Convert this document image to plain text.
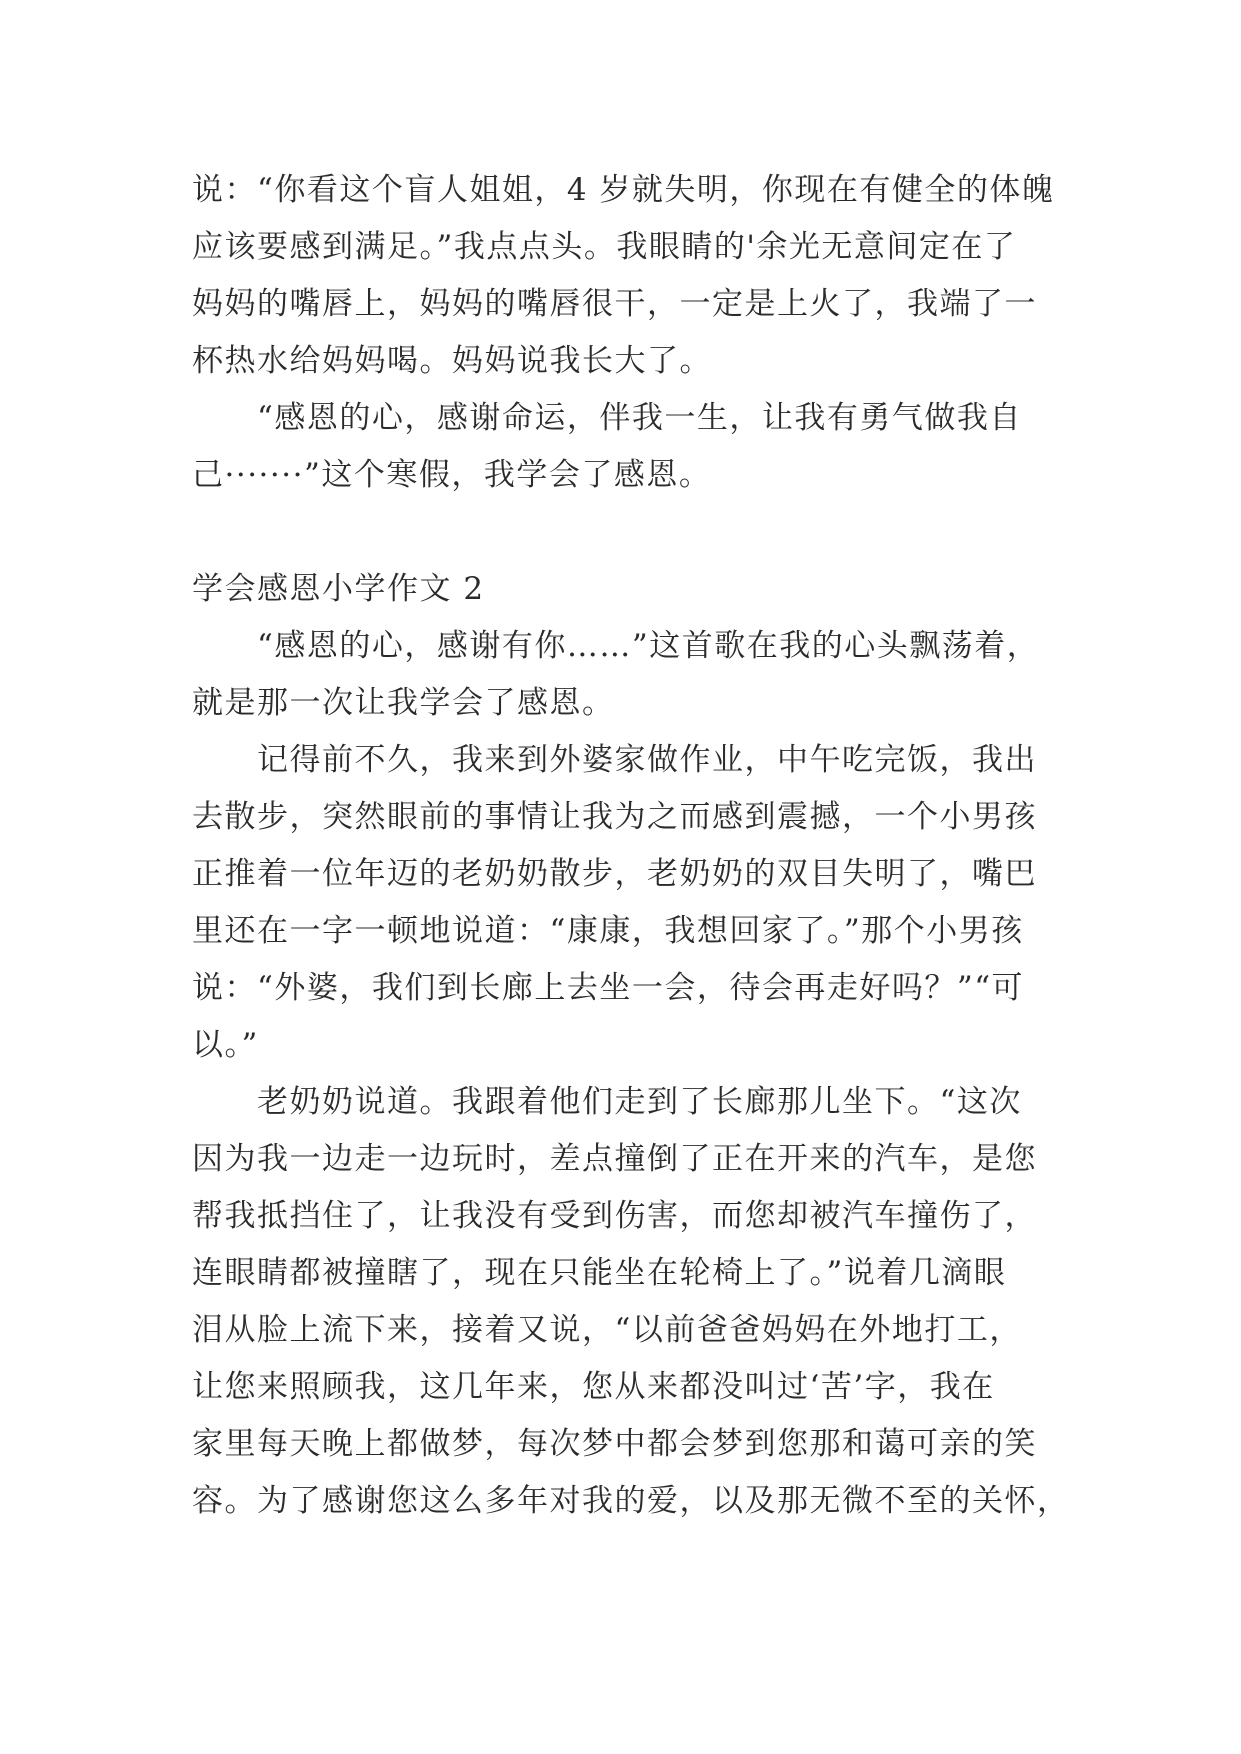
说：“你看这个盲人姐姐，4 岁就失明，你现在有健全的体魄
应该要感到满足。”我点点头。我眼睛的'余光无意间定在了
妈妈的嘴唇上，妈妈的嘴唇很干，一定是上火了，我端了一
杯热水给妈妈喝。妈妈说我长大了。
　　“感恩的心，感谢命运，伴我一生，让我有勇气做我自
己·······”这个寒假，我学会了感恩。
学会感恩小学作文 2
　　“感恩的心，感谢有你……”这首歌在我的心头飘荡着，
就是那一次让我学会了感恩。
　　记得前不久，我来到外婆家做作业，中午吃完饭，我出
去散步，突然眼前的事情让我为之而感到震撼，一个小男孩
正推着一位年迈的老奶奶散步，老奶奶的双目失明了，嘴巴
里还在一字一顿地说道：“康康，我想回家了。”那个小男孩
说：“外婆，我们到长廊上去坐一会，待会再走好吗？”“可
以。”
　　老奶奶说道。我跟着他们走到了长廊那儿坐下。“这次
因为我一边走一边玩时，差点撞倒了正在开来的汽车，是您
帮我抵挡住了，让我没有受到伤害，而您却被汽车撞伤了，
连眼睛都被撞瞎了，现在只能坐在轮椅上了。”说着几滴眼
泪从脸上流下来，接着又说，“以前爸爸妈妈在外地打工，
让您来照顾我，这几年来，您从来都没叫过‘苦’字，我在
家里每天晚上都做梦，每次梦中都会梦到您那和蔼可亲的笑
容。为了感谢您这么多年对我的爱，以及那无微不至的关怀，
